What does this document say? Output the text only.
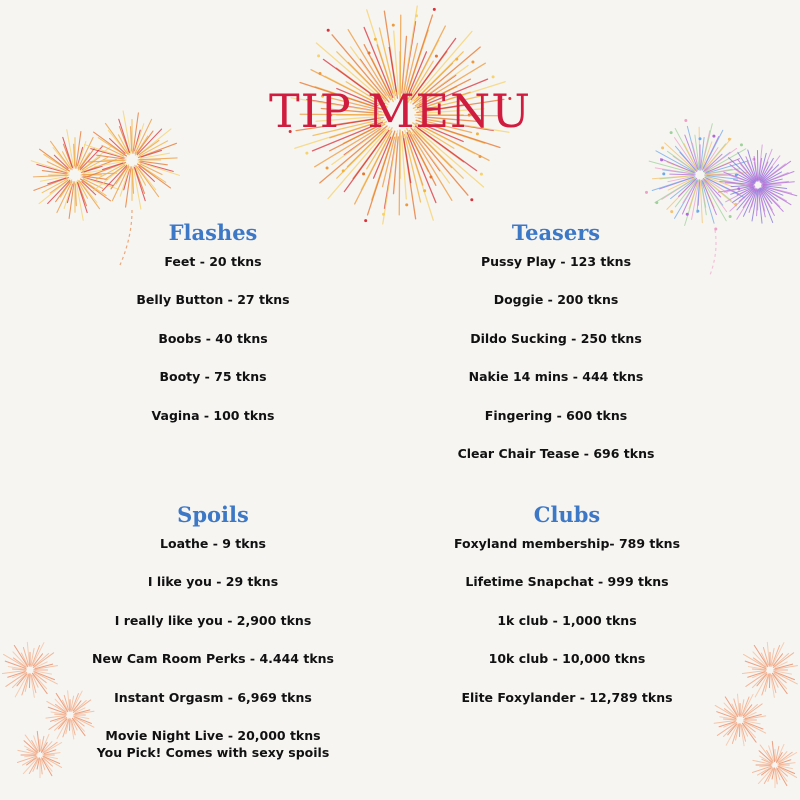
TIP MENU
Flashes
Feet - 20 tkns
Belly Button - 27 tkns
Boobs - 40 tkns
Booty - 75 tkns
Vagina - 100 tkns
Teasers
Pussy Play - 123 tkns
Doggie - 200 tkns
Dildo Sucking - 250 tkns
Nakie 14 mins - 444 tkns
Fingering - 600 tkns
Clear Chair Tease - 696 tkns
Spoils
Loathe - 9 tkns
I like you - 29 tkns
I really like you - 2,900 tkns
New Cam Room Perks - 4.444 tkns
Instant Orgasm - 6,969 tkns
Movie Night Live - 20,000 tkns
You Pick! Comes with sexy spoils
Clubs
Foxyland membership- 789 tkns
Lifetime Snapchat - 999 tkns
1k club - 1,000 tkns
10k club - 10,000 tkns
Elite Foxylander - 12,789 tkns
